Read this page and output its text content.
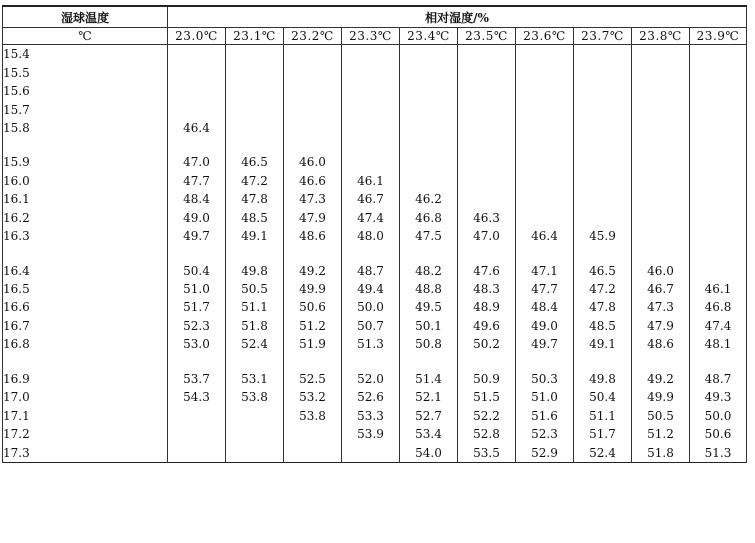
湿球温度	相对湿度/%									
℃	23.0℃	23.1℃	23.2℃	23.3℃	23.4℃	23.5℃	23.6℃	23.7℃	23.8℃	23.9℃
15.4										
15.5										
15.6										
15.7										
15.8	46.4									

15.9	47.0	46.5	46.0							
16.0	47.7	47.2	46.6	46.1						
16.1	48.4	47.8	47.3	46.7	46.2					
16.2	49.0	48.5	47.9	47.4	46.8	46.3				
16.3	49.7	49.1	48.6	48.0	47.5	47.0	46.4	45.9		

16.4	50.4	49.8	49.2	48.7	48.2	47.6	47.1	46.5	46.0	
16.5	51.0	50.5	49.9	49.4	48.8	48.3	47.7	47.2	46.7	46.1
16.6	51.7	51.1	50.6	50.0	49.5	48.9	48.4	47.8	47.3	46.8
16.7	52.3	51.8	51.2	50.7	50.1	49.6	49.0	48.5	47.9	47.4
16.8	53.0	52.4	51.9	51.3	50.8	50.2	49.7	49.1	48.6	48.1

16.9	53.7	53.1	52.5	52.0	51.4	50.9	50.3	49.8	49.2	48.7
17.0	54.3	53.8	53.2	52.6	52.1	51.5	51.0	50.4	49.9	49.3
17.1			53.8	53.3	52.7	52.2	51.6	51.1	50.5	50.0
17.2				53.9	53.4	52.8	52.3	51.7	51.2	50.6
17.3					54.0	53.5	52.9	52.4	51.8	51.3
